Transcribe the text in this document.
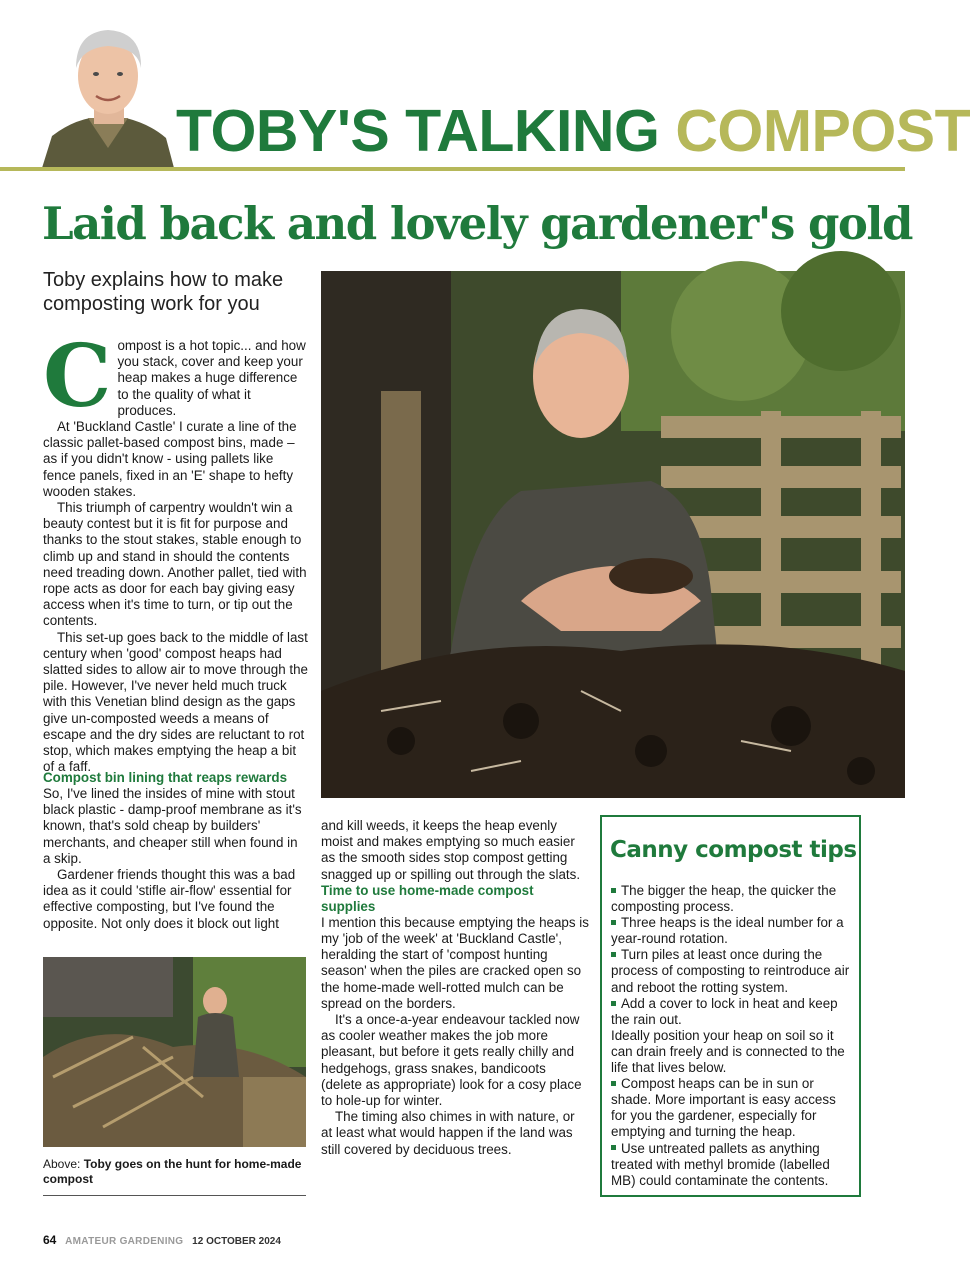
TOBY'S TALKING COMPOST
Laid back and lovely gardener's gold
Toby explains how to make composting work for you

Compost is a hot topic... and how you stack, cover and keep your heap makes a huge difference to the quality of what it produces.

At 'Buckland Castle' I curate a line of the classic pallet-based compost bins, made – as if you didn't know - using pallets like fence panels, fixed in an 'E' shape to hefty wooden stakes.

This triumph of carpentry wouldn't win a beauty contest but it is fit for purpose and thanks to the stout stakes, stable enough to climb up and stand in should the contents need treading down. Another pallet, tied with rope acts as door for each bay giving easy access when it's time to turn, or tip out the contents.

This set-up goes back to the middle of last century when 'good' compost heaps had slatted sides to allow air to move through the pile. However, I've never held much truck with this Venetian blind design as the gaps give un-composted weeds a means of escape and the dry sides are reluctant to rot stop, which makes emptying the heap a bit of a faff.

Compost bin lining that reaps rewards

So, I've lined the insides of mine with stout black plastic - damp-proof membrane as it's known, that's sold cheap by builders' merchants, and cheaper still when found in a skip.

Gardener friends thought this was a bad idea as it could 'stifle air-flow' essential for effective composting, but I've found the opposite. Not only does it block out light

and kill weeds, it keeps the heap evenly moist and makes emptying so much easier as the smooth sides stop compost getting snagged up or spilling out through the slats.

Time to use home-made compost supplies

I mention this because emptying the heaps is my 'job of the week' at 'Buckland Castle', heralding the start of 'compost hunting season' when the piles are cracked open so the home-made well-rotted mulch can be spread on the borders.

It's a once-a-year endeavour tackled now as cooler weather makes the job more pleasant, but before it gets really chilly and hedgehogs, grass snakes, bandicoots (delete as appropriate) look for a cosy place to hole-up for winter.

The timing also chimes in with nature, or at least what would happen if the land was still covered by deciduous trees.

Above: Toby goes on the hunt for home-made compost
Canny compost tips
The bigger the heap, the quicker the composting process.
Three heaps is the ideal number for a year-round rotation.
Turn piles at least once during the process of composting to reintroduce air and reboot the rotting system.
Add a cover to lock in heat and keep the rain out.
Ideally position your heap on soil so it can drain freely and is connected to the life that lives below.
Compost heaps can be in sun or shade. More important is easy access for you the gardener, especially for emptying and turning the heap.
Use untreated pallets as anything treated with methyl bromide (labelled MB) could contaminate the contents.
64 AMATEUR GARDENING 12 OCTOBER 2024
